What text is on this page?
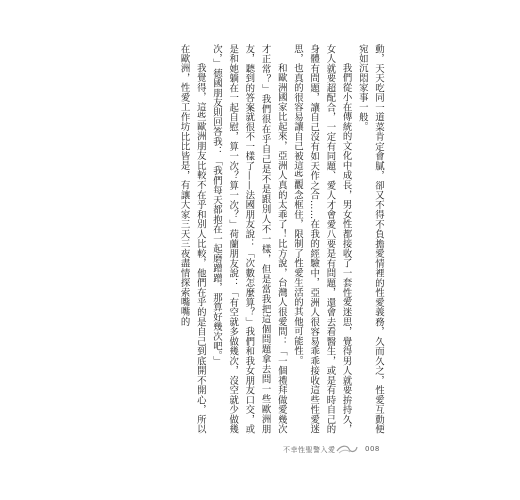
動，天天吃同一道菜肯定會膩，卻又不得不負擔愛情裡的性愛義務，久而久之，性愛互動便宛如沉悶家事一般。

我們從小在傳統的文化中成長，男女性都接收了一套性愛迷思，覺得男人就要拚持久，女人就要超配合，一定有同題、愛人才會愛八要是有問題，還會去看醫生，或是有時自己的身體有問題，讓自己沒有如天作之合……在我的經驗中，亞洲人很容易乖乖接收這些性愛迷思，也真的很容易讓自己被這些觀念框住，限制了性愛生活的其他可能性。

和歐洲國家比起來，亞洲人真的太乖了！比方說，台灣人很愛問：「一個禮拜做愛幾次才正常？」我們很在乎自己是不是跟別人不一樣，但是當我把這個問題拿去問一些歐洲朋友，聽到的答案就很不一樣了——法國朋友說：「次數怎麼算？」我們和我女朋友口交，或是和她躺在一起自慰，算一次？算一次？」荷蘭朋友說：「有空就多做幾次，沒空就少做幾次，」德國朋友則回答我：「我們每天都抱在一起磨蹭蹭，那算好幾次吧。」

我覺得，這些歐洲朋友比較不在乎和別人比較，他們在乎的是自己到底開不開心，所以在歐洲，性愛工作坊比比皆是，有讓大家三天三夜盡情探索嘴嘴的

不幸性聖警入愛	008
